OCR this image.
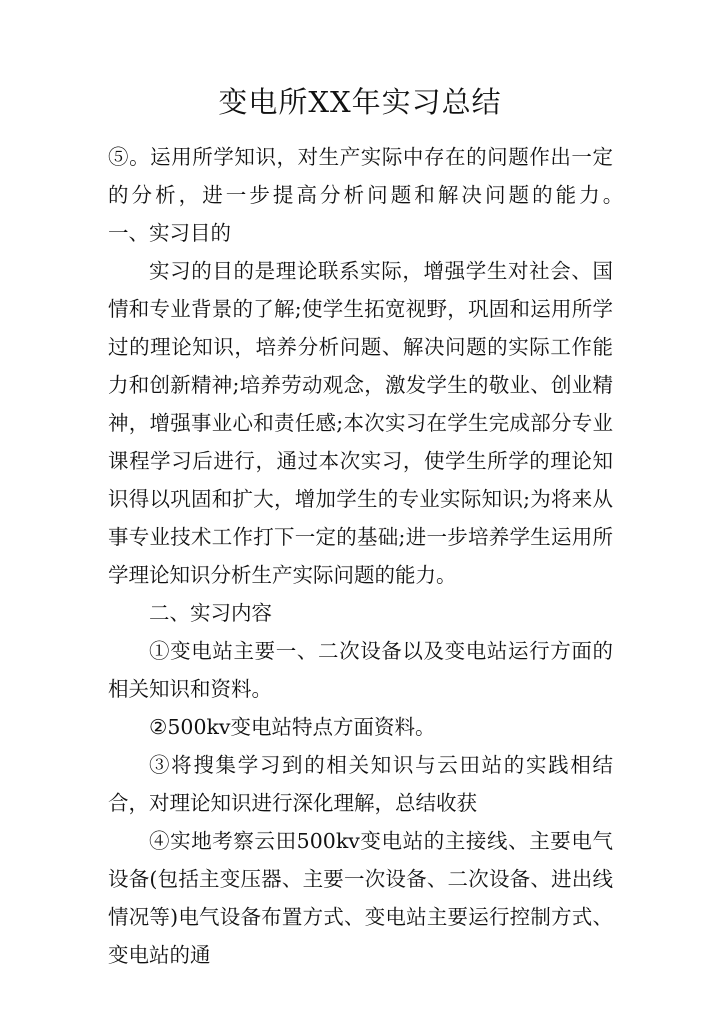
变电所XX年实习总结

⑤。运用所学知识，对生产实际中存在的问题作出一定的分析，进一步提高分析问题和解决问题的能力。　　　一、实习目的

实习的目的是理论联系实际，增强学生对社会、国情和专业背景的了解;使学生拓宽视野，巩固和运用所学过的理论知识，培养分析问题、解决问题的实际工作能力和创新精神;培养劳动观念，激发学生的敬业、创业精神，增强事业心和责任感;本次实习在学生完成部分专业课程学习后进行，通过本次实习，使学生所学的理论知识得以巩固和扩大，增加学生的专业实际知识;为将来从事专业技术工作打下一定的基础;进一步培养学生运用所学理论知识分析生产实际问题的能力。

二、实习内容

①变电站主要一、二次设备以及变电站运行方面的相关知识和资料。

②500kv变电站特点方面资料。

③将搜集学习到的相关知识与云田站的实践相结合，对理论知识进行深化理解，总结收获

④实地考察云田500kv变电站的主接线、主要电气设备(包括主变压器、主要一次设备、二次设备、进出线情况等)电气设备布置方式、变电站主要运行控制方式、变电站的通
